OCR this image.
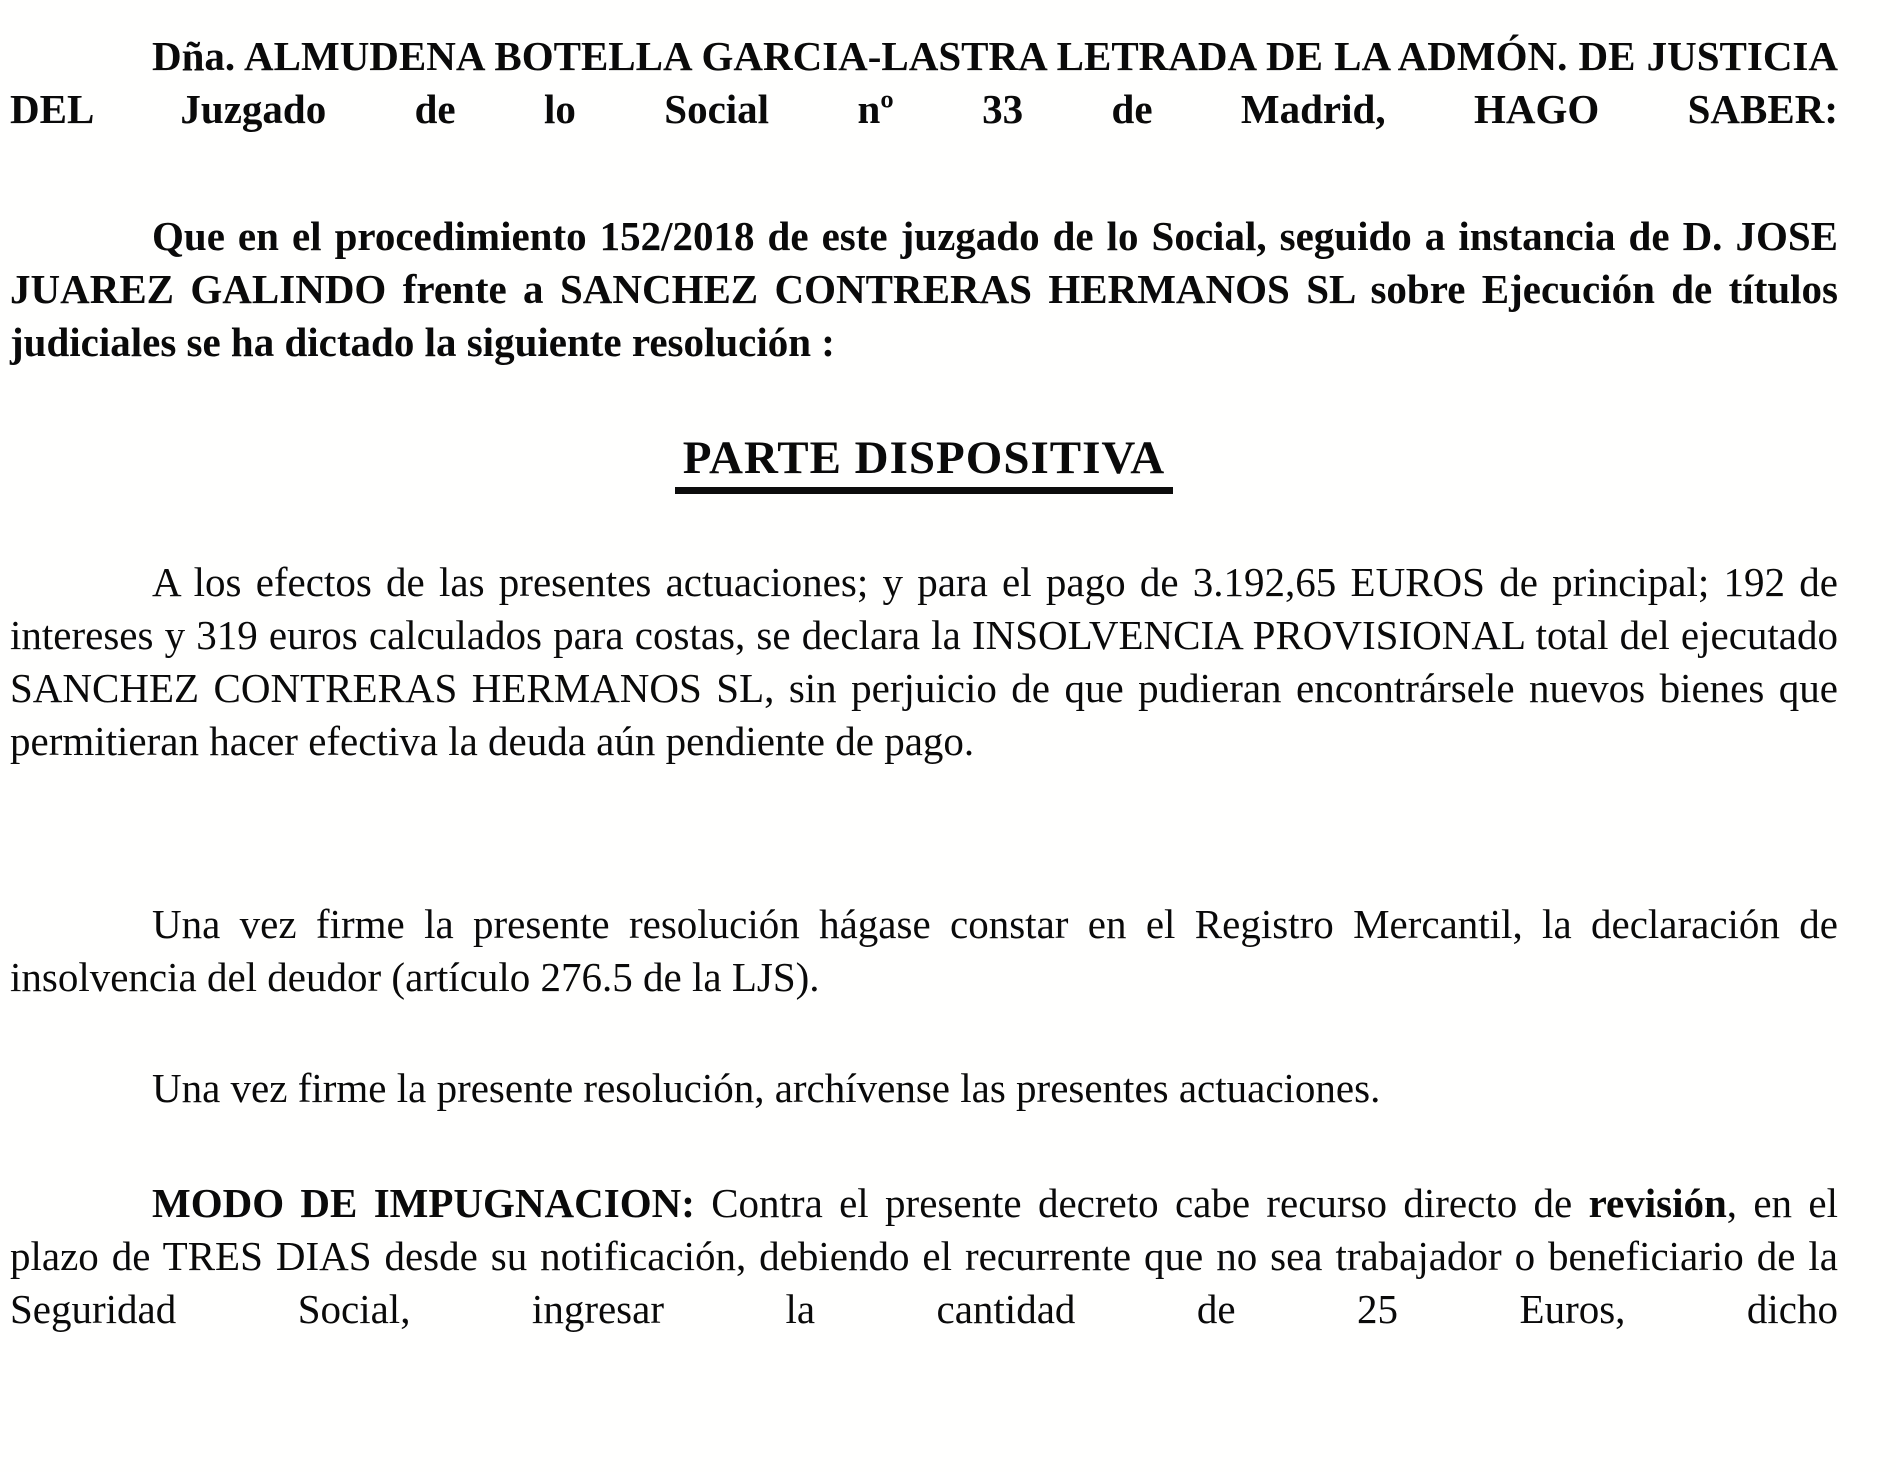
Dña. ALMUDENA BOTELLA GARCIA-LASTRA LETRADA DE LA ADMÓN. DE JUSTICIA DEL Juzgado de lo Social nº 33 de Madrid, HAGO SABER:

Que en el procedimiento 152/2018 de este juzgado de lo Social, seguido a instancia de D. JOSE JUAREZ GALINDO frente a SANCHEZ CONTRERAS HERMANOS SL sobre Ejecución de títulos judiciales se ha dictado la siguiente resolución :

PARTE DISPOSITIVA

A los efectos de las presentes actuaciones; y para el pago de 3.192,65 EUROS de principal; 192 de intereses y 319 euros calculados para costas, se declara la INSOLVENCIA PROVISIONAL total del ejecutado SANCHEZ CONTRERAS HERMANOS SL, sin perjuicio de que pudieran encontrársele nuevos bienes que permitieran hacer efectiva la deuda aún pendiente de pago.

Una vez firme la presente resolución hágase constar en el Registro Mercantil, la declaración de insolvencia del deudor (artículo 276.5 de la LJS).

Una vez firme la presente resolución, archívense las presentes actuaciones.

MODO DE IMPUGNACION: Contra el presente decreto cabe recurso directo de revisión, en el plazo de TRES DIAS desde su notificación, debiendo el recurrente que no sea trabajador o beneficiario de la Seguridad Social, ingresar la cantidad de 25 Euros, dicho
